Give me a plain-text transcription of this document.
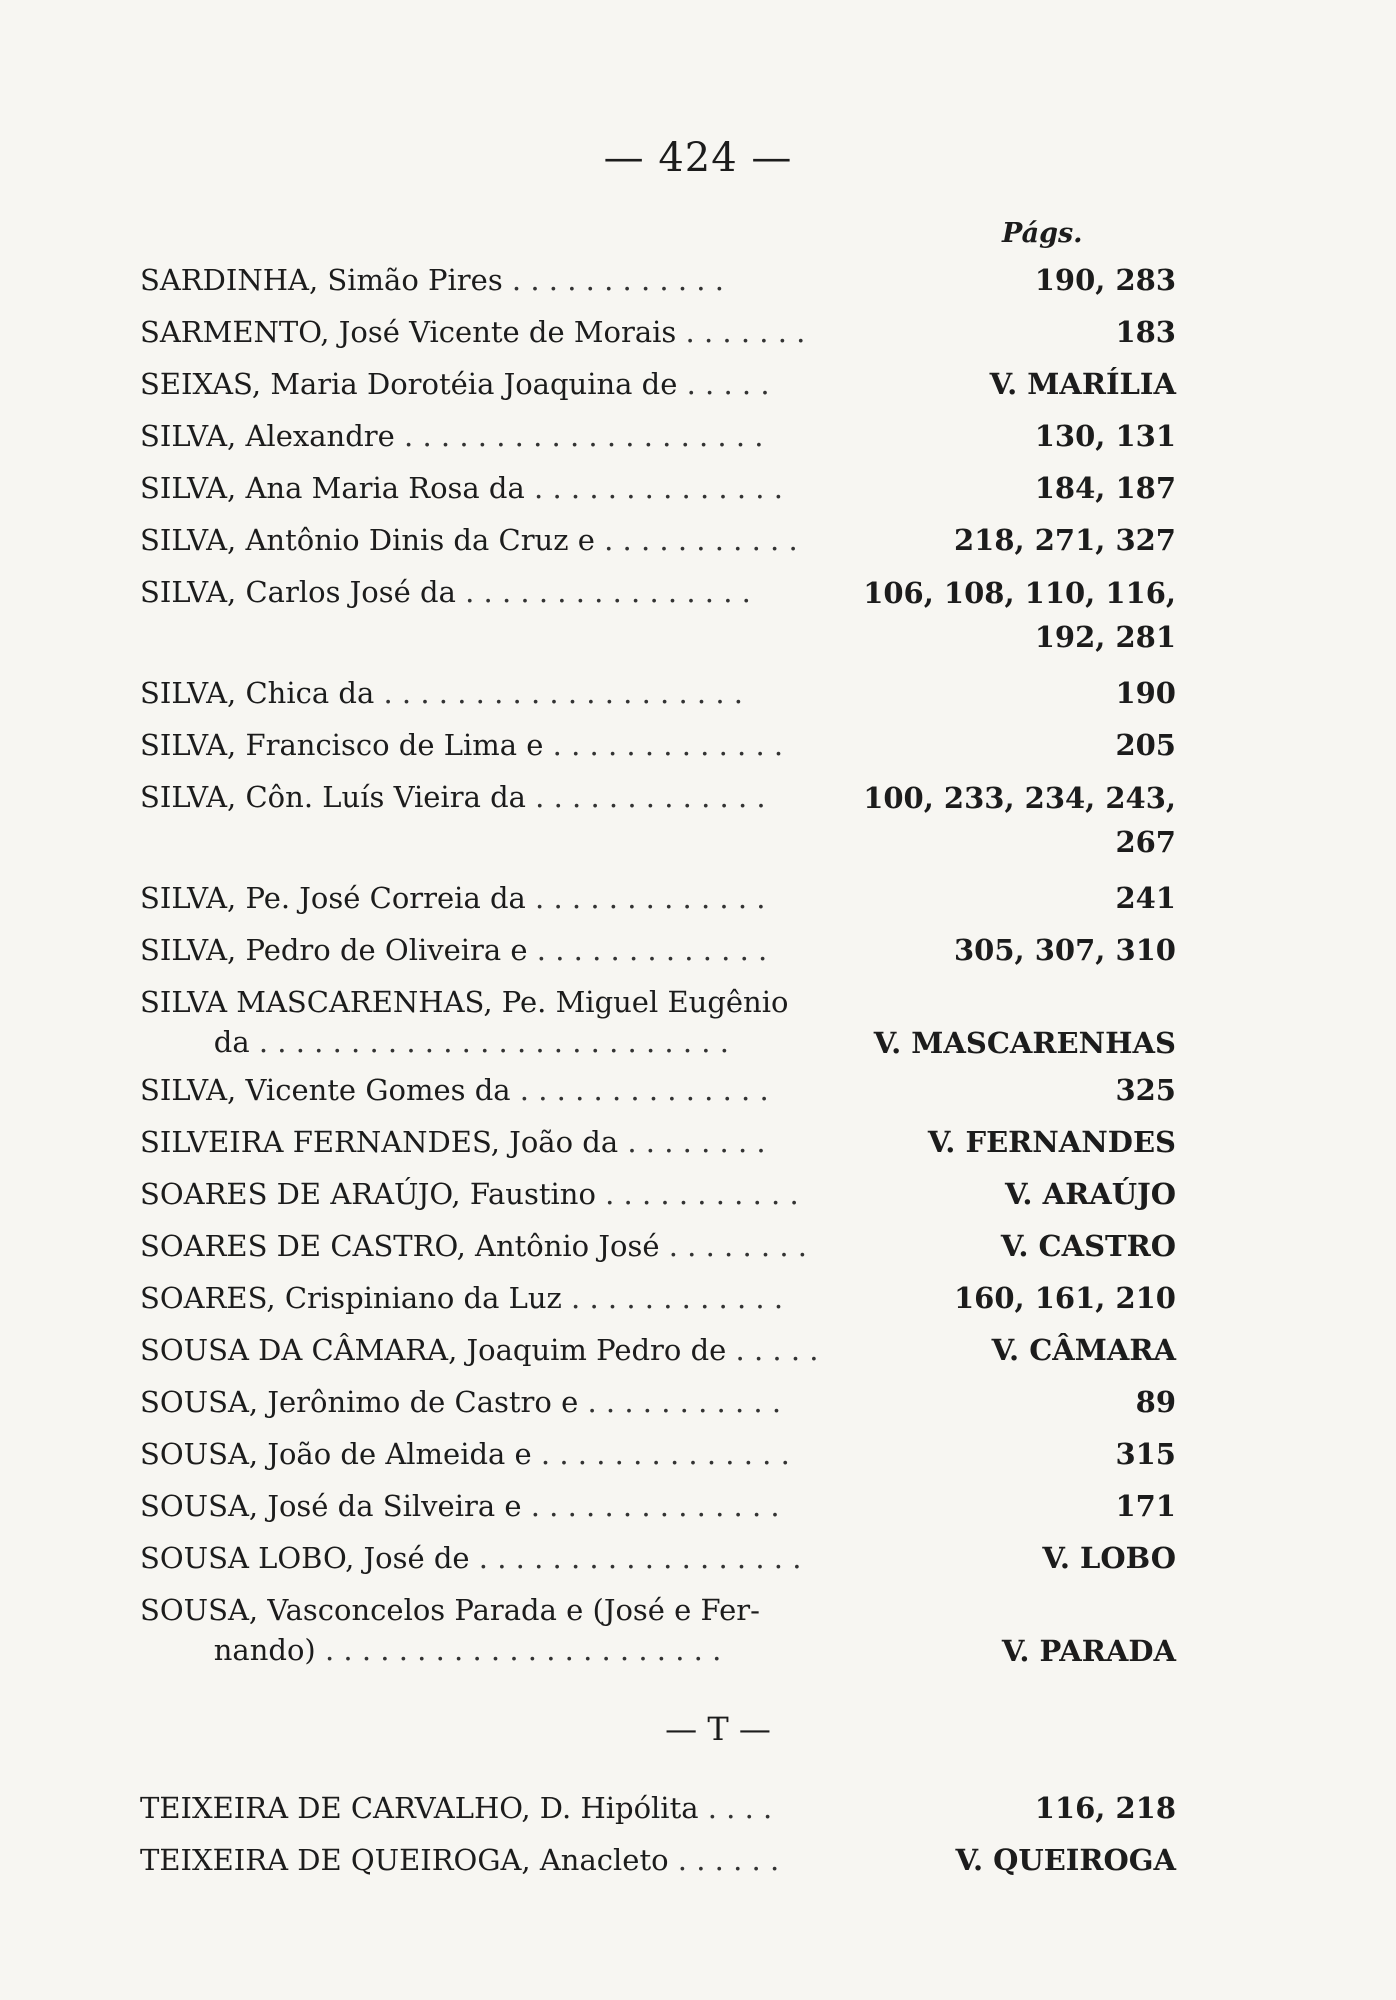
— 424 —
Págs.
SARDINHA, Simão Pires . . . . . . . . . . . .	190, 283
SARMENTO, José Vicente de Morais . . . . . . .	183
SEIXAS, Maria Dorotéia Joaquina de . . . . .	V. MARÍLIA
SILVA, Alexandre . . . . . . . . . . . . . . . . . . . .	130, 131
SILVA, Ana Maria Rosa da . . . . . . . . . . . . . .	184, 187
SILVA, Antônio Dinis da Cruz e . . . . . . . . . . .	218, 271, 327
SILVA, Carlos José da . . . . . . . . . . . . . . . .	106, 108, 110, 116,
192, 281
SILVA, Chica da . . . . . . . . . . . . . . . . . . . .	190
SILVA, Francisco de Lima e . . . . . . . . . . . . .	205
SILVA, Côn. Luís Vieira da . . . . . . . . . . . . .	100, 233, 234, 243,
267
SILVA, Pe. José Correia da . . . . . . . . . . . . .	241
SILVA, Pedro de Oliveira e . . . . . . . . . . . . .	305, 307, 310
SILVA MASCARENHAS, Pe. Miguel Eugênio
da . . . . . . . . . . . . . . . . . . . . . . . . . .	V. MASCARENHAS
SILVA, Vicente Gomes da . . . . . . . . . . . . . .	325
SILVEIRA FERNANDES, João da . . . . . . . .	V. FERNANDES
SOARES DE ARAÚJO, Faustino . . . . . . . . . . .	V. ARAÚJO
SOARES DE CASTRO, Antônio José . . . . . . . .	V. CASTRO
SOARES, Crispiniano da Luz . . . . . . . . . . . .	160, 161, 210
SOUSA DA CÂMARA, Joaquim Pedro de . . . . .	V. CÂMARA
SOUSA, Jerônimo de Castro e . . . . . . . . . . .	89
SOUSA, João de Almeida e . . . . . . . . . . . . . .	315
SOUSA, José da Silveira e . . . . . . . . . . . . . .	171
SOUSA LOBO, José de . . . . . . . . . . . . . . . . . .	V. LOBO
SOUSA, Vasconcelos Parada e (José e Fer-
nando) . . . . . . . . . . . . . . . . . . . . . .	V. PARADA
— T —
TEIXEIRA DE CARVALHO, D. Hipólita . . . .	116, 218
TEIXEIRA DE QUEIROGA, Anacleto . . . . . .	V. QUEIROGA
